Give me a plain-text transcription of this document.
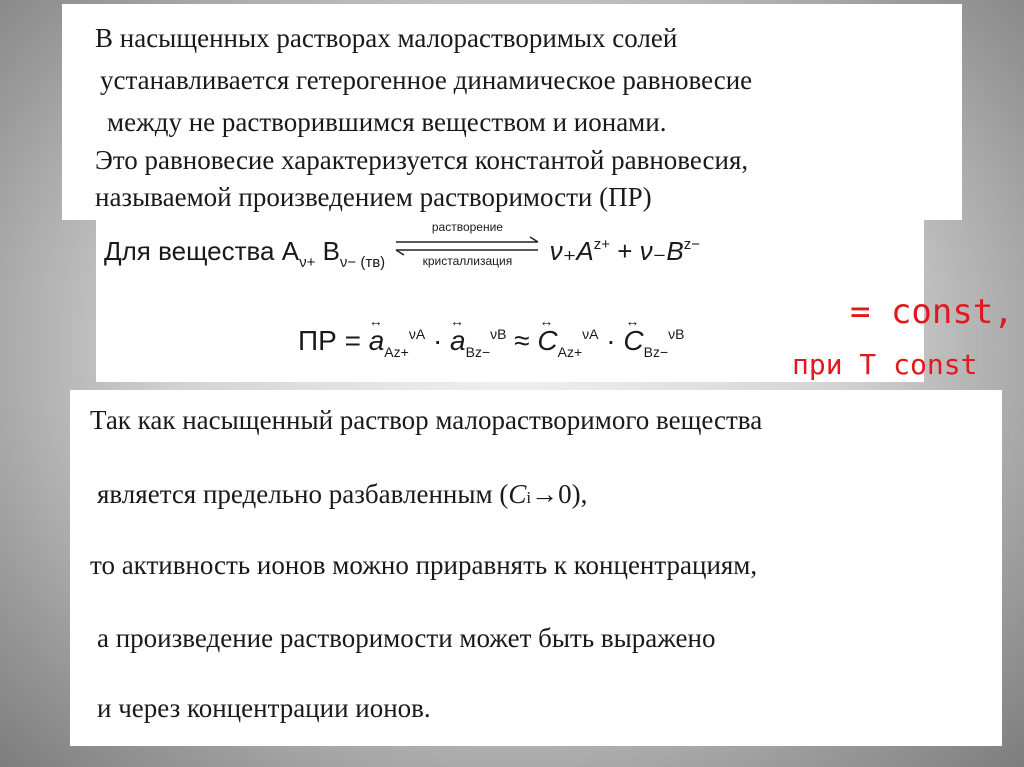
В насыщенных растворах малорастворимых солей
устанавливается гетерогенное динамическое равновесие
между не растворившимся веществом и ионами.
Это равновесие характеризуется константой равновесия,
называемой произведением растворимости (ПР)
Для вещества $A_{\nu+}$ $B_{\nu- (тв)}$
растворение
кристаллизация	$\nu_+A^{z+} + \nu_-B^{z-}$
ПР =
↔
$a_{Az+}^{\nu A}$ ·
↔
$a_{Bz-}^{\nu B}$ ≈
↔
$C_{Az+}^{\nu A}$ ·
↔
$C_{Bz-}^{\nu B}$
= const,
при T const
Так как насыщенный раствор малорастворимого вещества
является предельно разбавленным (Ci→0),
то активность ионов можно приравнять к концентрациям,
а произведение растворимости может быть выражено
и через концентрации ионов.
